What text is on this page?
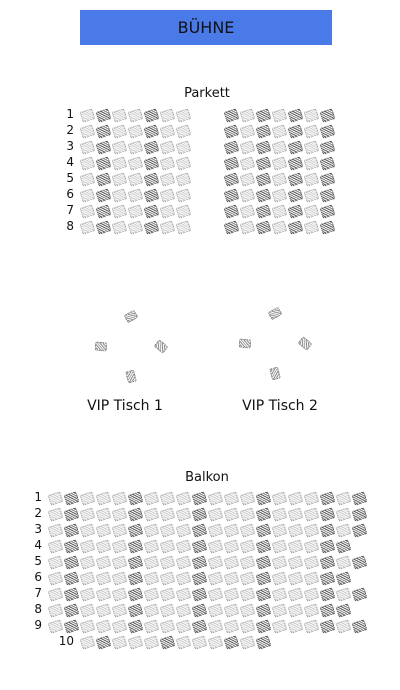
BÜHNE
Parkett
1
2
3
4
5
6
7
8
VIP Tisch 1	VIP Tisch 2
Balkon
1
2
3
4
5
6
7
8
9
10
